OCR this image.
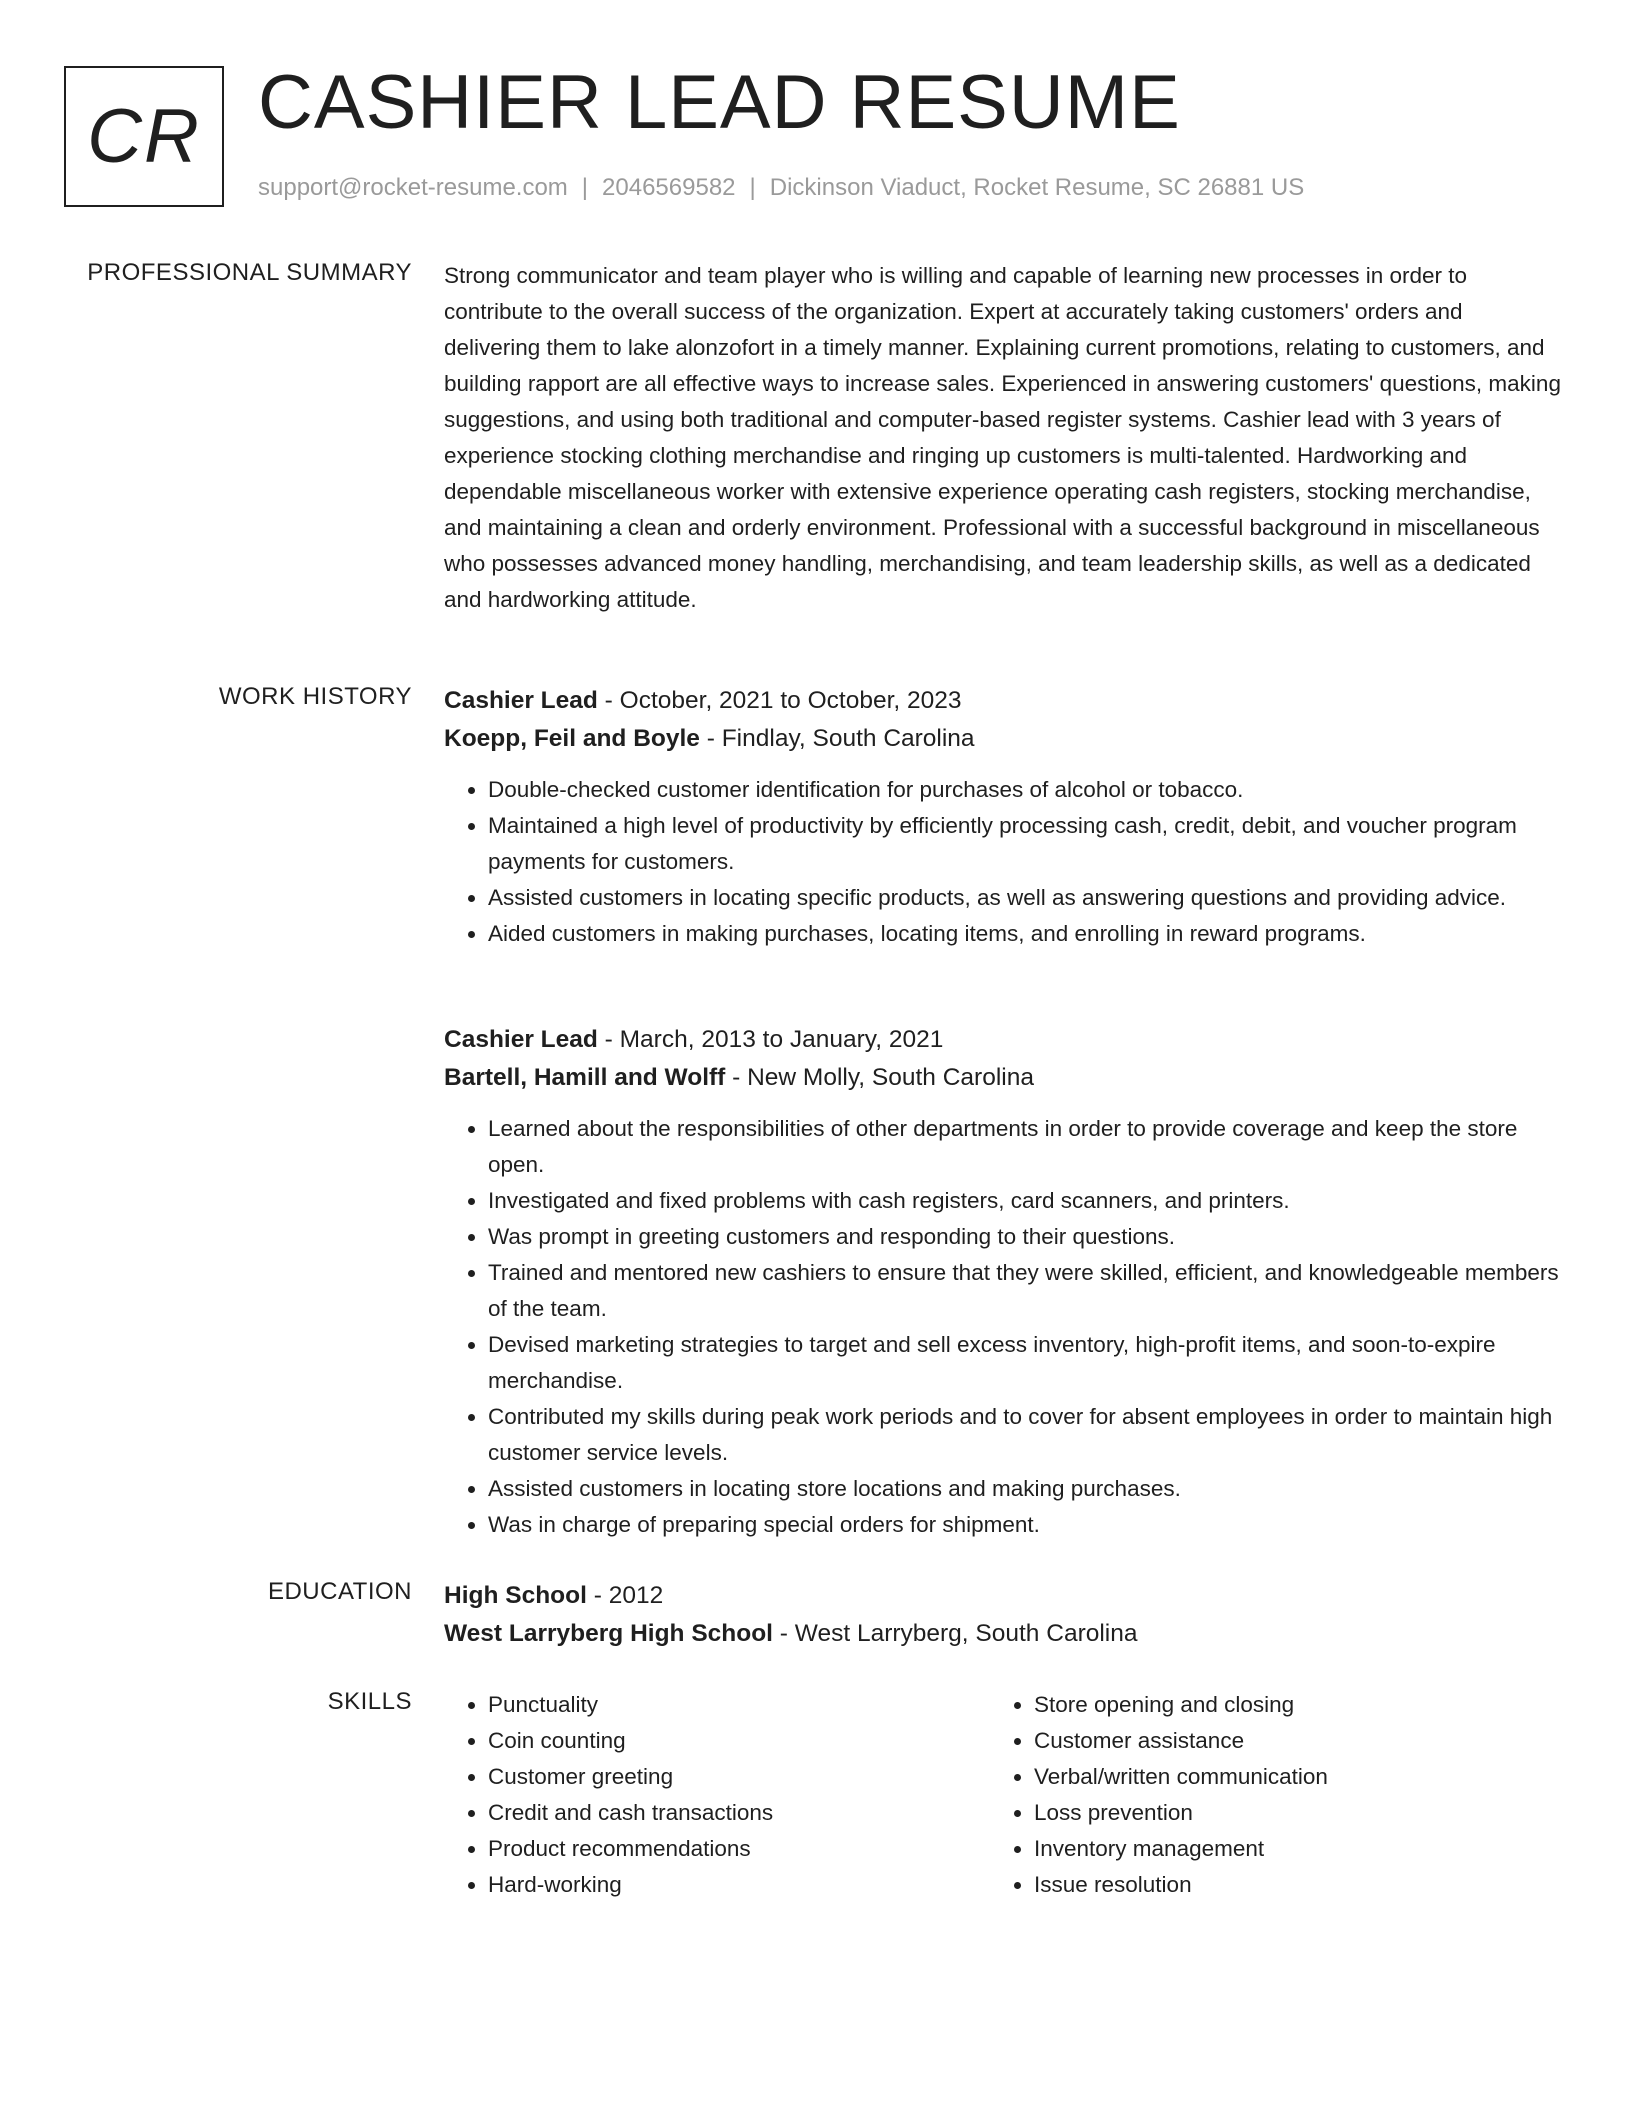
CR CASHIER LEAD RESUME
support@rocket-resume.com | 2046569582 | Dickinson Viaduct, Rocket Resume, SC 26881 US
PROFESSIONAL SUMMARY Strong communicator and team player who is willing and capable of learning new processes in order to contribute to the overall success of the organization. Expert at accurately taking customers' orders and delivering them to lake alonzofort in a timely manner. Explaining current promotions, relating to customers, and building rapport are all effective ways to increase sales. Experienced in answering customers' questions, making suggestions, and using both traditional and computer-based register systems. Cashier lead with 3 years of experience stocking clothing merchandise and ringing up customers is multi-talented. Hardworking and dependable miscellaneous worker with extensive experience operating cash registers, stocking merchandise, and maintaining a clean and orderly environment. Professional with a successful background in miscellaneous who possesses advanced money handling, merchandising, and team leadership skills, as well as a dedicated and hardworking attitude.
WORK HISTORY Cashier Lead - October, 2021 to October, 2023
Koepp, Feil and Boyle - Findlay, South Carolina
• Double-checked customer identification for purchases of alcohol or tobacco.
• Maintained a high level of productivity by efficiently processing cash, credit, debit, and voucher program payments for customers.
• Assisted customers in locating specific products, as well as answering questions and providing advice.
• Aided customers in making purchases, locating items, and enrolling in reward programs.
Cashier Lead - March, 2013 to January, 2021
Bartell, Hamill and Wolff - New Molly, South Carolina
• Learned about the responsibilities of other departments in order to provide coverage and keep the store open.
• Investigated and fixed problems with cash registers, card scanners, and printers.
• Was prompt in greeting customers and responding to their questions.
• Trained and mentored new cashiers to ensure that they were skilled, efficient, and knowledgeable members of the team.
• Devised marketing strategies to target and sell excess inventory, high-profit items, and soon-to-expire merchandise.
• Contributed my skills during peak work periods and to cover for absent employees in order to maintain high customer service levels.
• Assisted customers in locating store locations and making purchases.
• Was in charge of preparing special orders for shipment.
EDUCATION High School - 2012
West Larryberg High School - West Larryberg, South Carolina
SKILLS
•	Punctuality
• Coin counting
• Customer greeting
• Credit and cash transactions
• Product recommendations
• Hard-working
• Store opening and closing
• Customer assistance
• Verbal/written communication
• Loss prevention
• Inventory management
• Issue resolution
